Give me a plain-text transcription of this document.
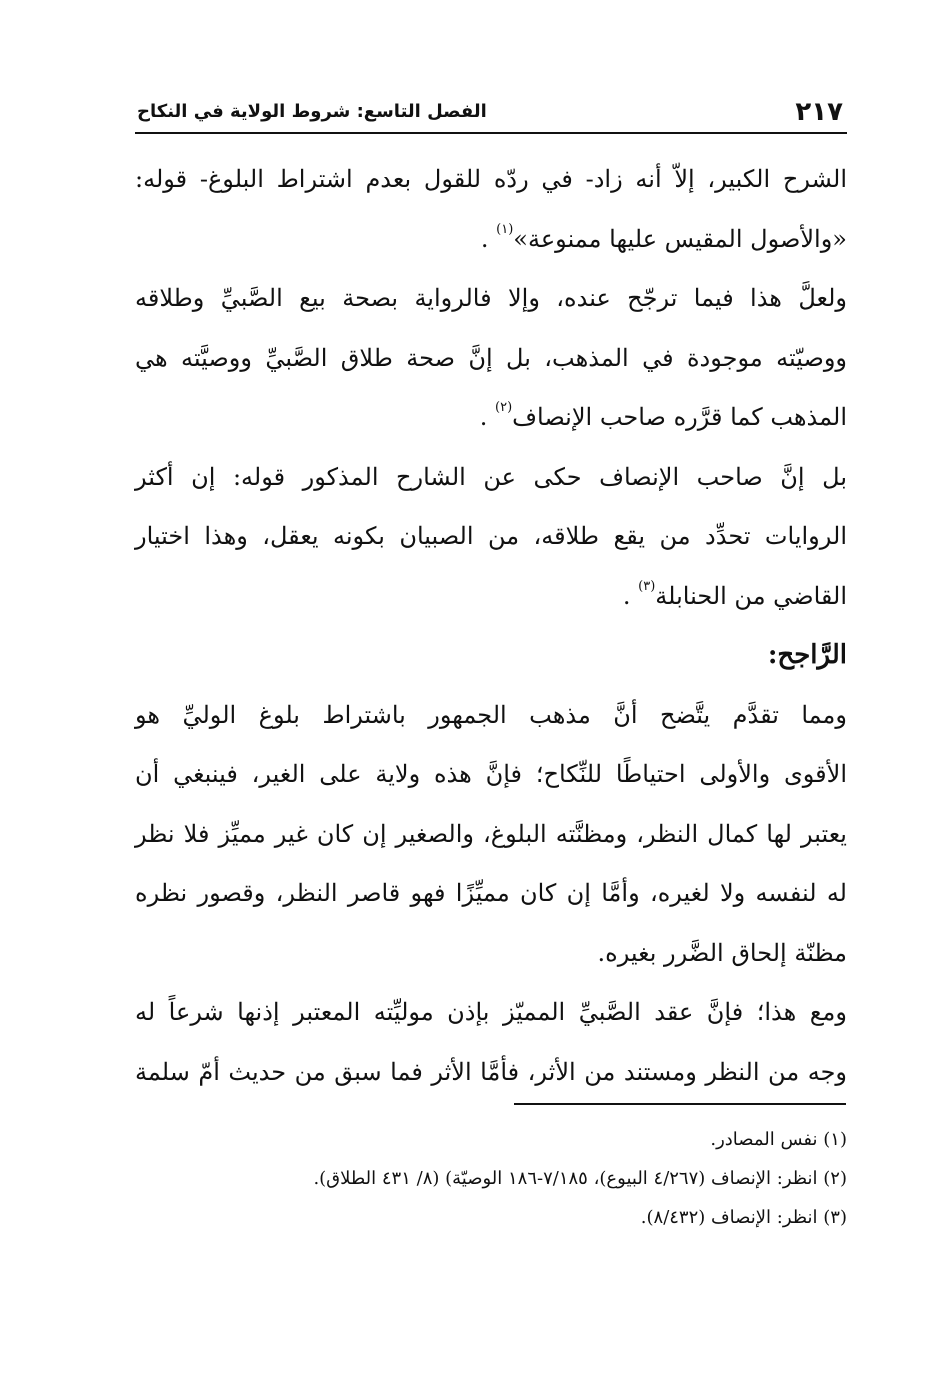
٢١٧
الفصل التاسع: شروط الولاية في النكاح
الشرح الكبير، إلاّ أنه زاد- في ردّه للقول بعدم اشتراط البلوغ- قوله:
«والأصول المقيس عليها ممنوعة»$^{(١)}$ .
ولعلَّ هذا فيما ترجّح عنده، وإلا فالرواية بصحة بيع الصَّبيِّ وطلاقه
ووصيّته موجودة في المذهب، بل إنَّ صحة طلاق الصَّبيِّ ووصيَّته هي
المذهب كما قرَّره صاحب الإنصاف$^{(٢)}$ .
بل إنَّ صاحب الإنصاف حكى عن الشارح المذكور قوله: إن أكثر
الروايات تحدِّد من يقع طلاقه، من الصبيان بكونه يعقل، وهذا اختيار
القاضي من الحنابلة$^{(٣)}$ .
الرَّاجح:
ومما تقدَّم يتَّضح أنَّ مذهب الجمهور باشتراط بلوغ الوليِّ هو
الأقوى والأولى احتياطًا للنِّكاح؛ فإنَّ هذه ولاية على الغير، فينبغي أن
يعتبر لها كمال النظر، ومظنَّته البلوغ، والصغير إن كان غير مميِّز فلا نظر
له لنفسه ولا لغيره، وأمَّا إن كان مميِّزًا فهو قاصر النظر، وقصور نظره
مظنّة إلحاق الضَّرر بغيره.
ومع هذا؛ فإنَّ عقد الصَّبيِّ المميّز بإذن موليِّته المعتبر إذنها شرعاً له
وجه من النظر ومستند من الأثر، فأمَّا الأثر فما سبق من حديث أمّ سلمة
(١) نفس المصادر.
(٢) انظر: الإنصاف (٤/٢٦٧ البيوع)، ٧/١٨٥-١٨٦ الوصيّة) (٨/ ٤٣١ الطلاق).
(٣) انظر: الإنصاف (٨/٤٣٢).
